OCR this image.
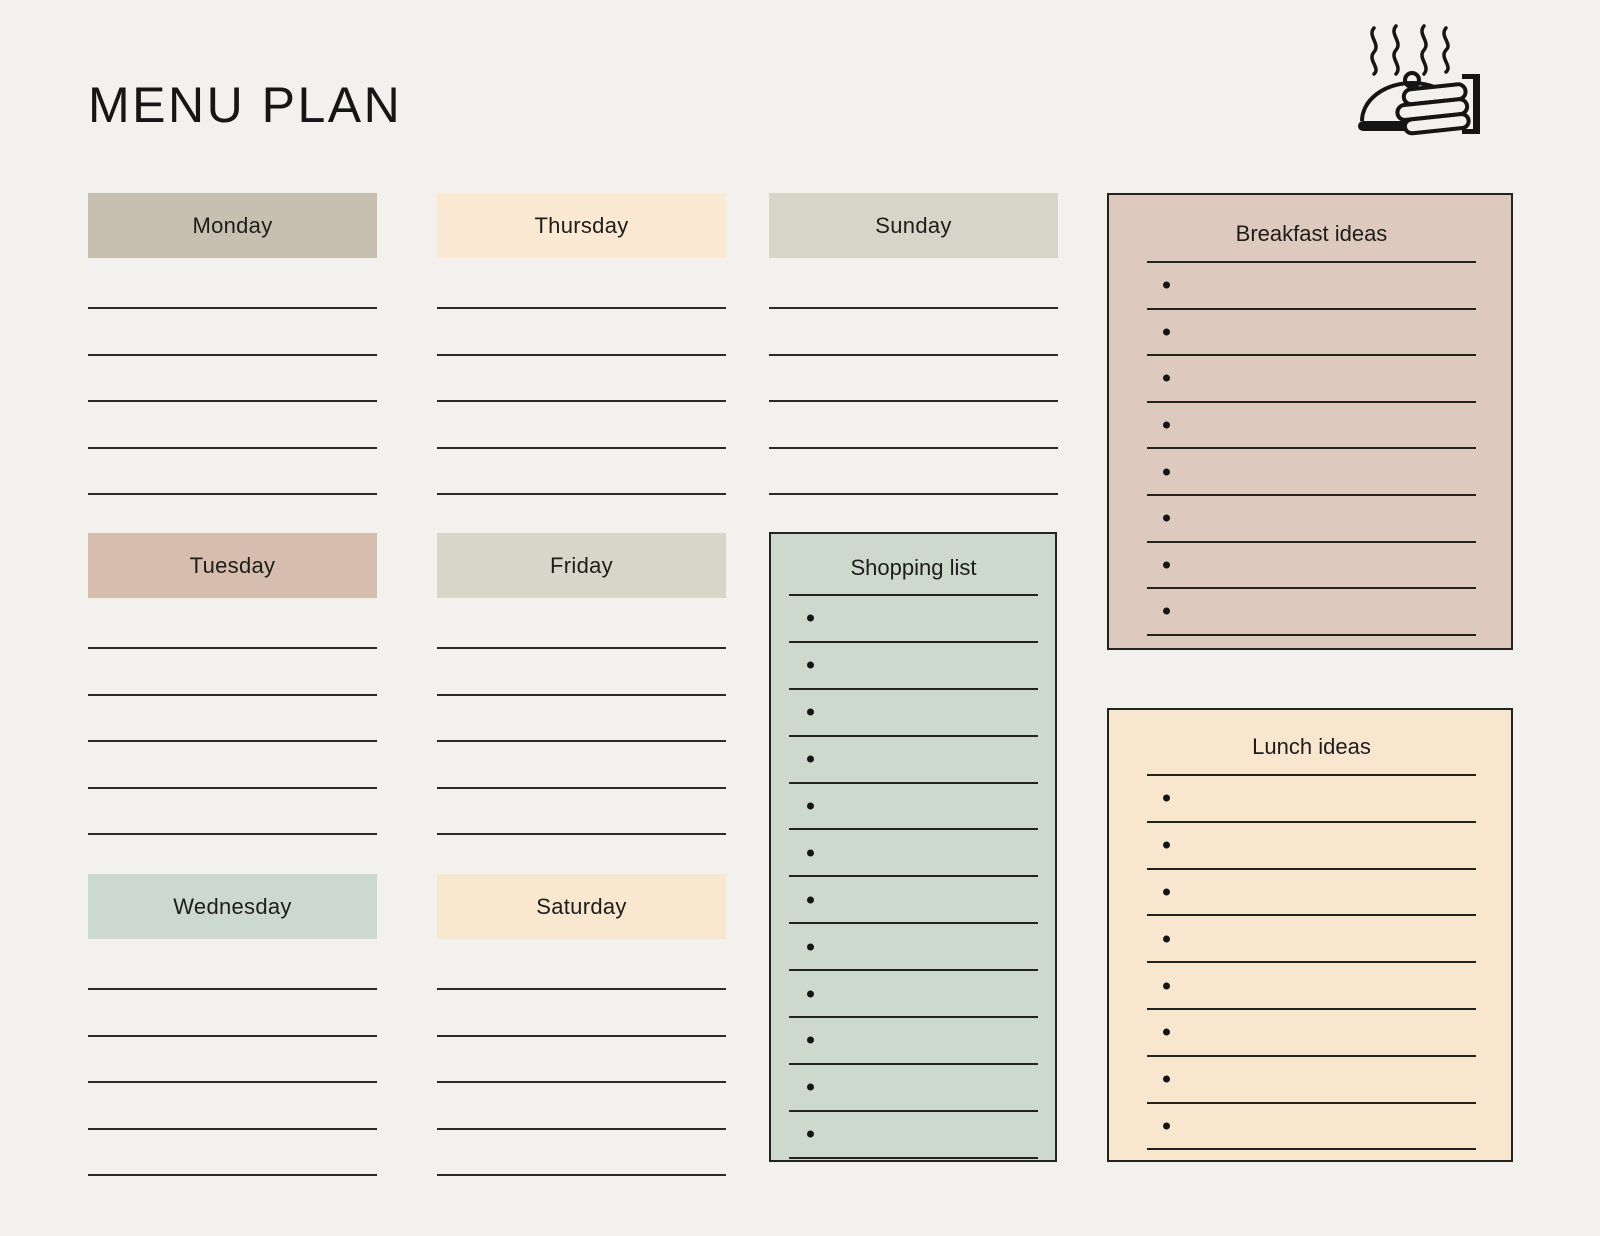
MENU PLAN
Monday
Tuesday
Wednesday
Thursday
Friday
Saturday
Sunday
Shopping list
Breakfast ideas
Lunch ideas
